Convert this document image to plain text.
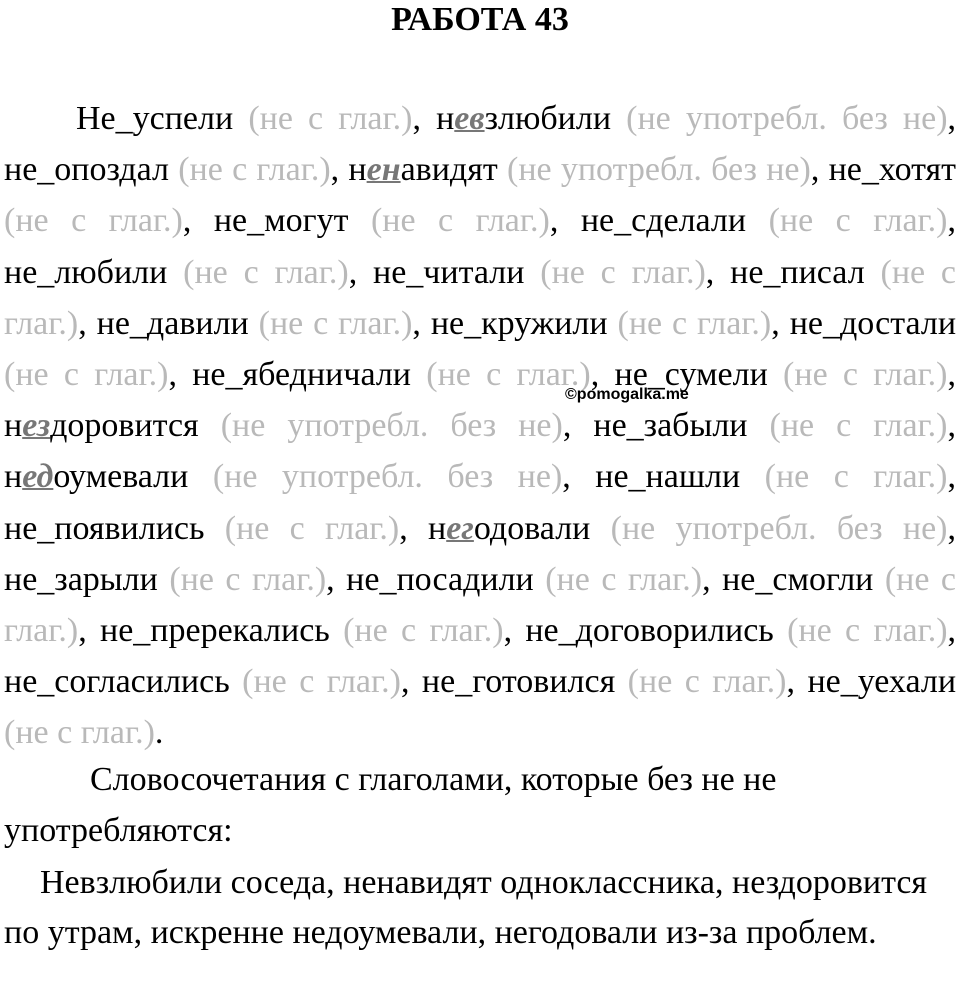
РАБОТА 43
Не_успели (не с глаг.), невзлюбили (не употребл. без не), не_опоздал (не с глаг.), ненавидят (не употребл. без не), не_хотят (не с глаг.), не_могут (не с глаг.), не_сделали (не с глаг.), не_любили (не с глаг.), не_читали (не с глаг.), не_писал (не с глаг.), не_давили (не с глаг.), не_кружили (не с глаг.), не_достали (не с глаг.), не_ябедничали (не с глаг.), не_сумели (не с глаг.), нездоровится (не употребл. без не), не_забыли (не с глаг.), недоумевали (не употребл. без не), не_нашли (не с глаг.), не_появились (не с глаг.), негодовали (не употребл. без не), не_зарыли (не с глаг.), не_посадили (не с глаг.), не_смогли (не с глаг.), не_пререкались (не с глаг.), не_договорились (не с глаг.), не_согласились (не с глаг.), не_готовился (не с глаг.), не_уехали (не с глаг.).
©pomogalka.me
Словосочетания с глаголами, которые без не не употребляются:
Невзлюбили соседа, ненавидят одноклассника, нездоровится по утрам, искренне недоумевали, негодовали из-за проблем.
